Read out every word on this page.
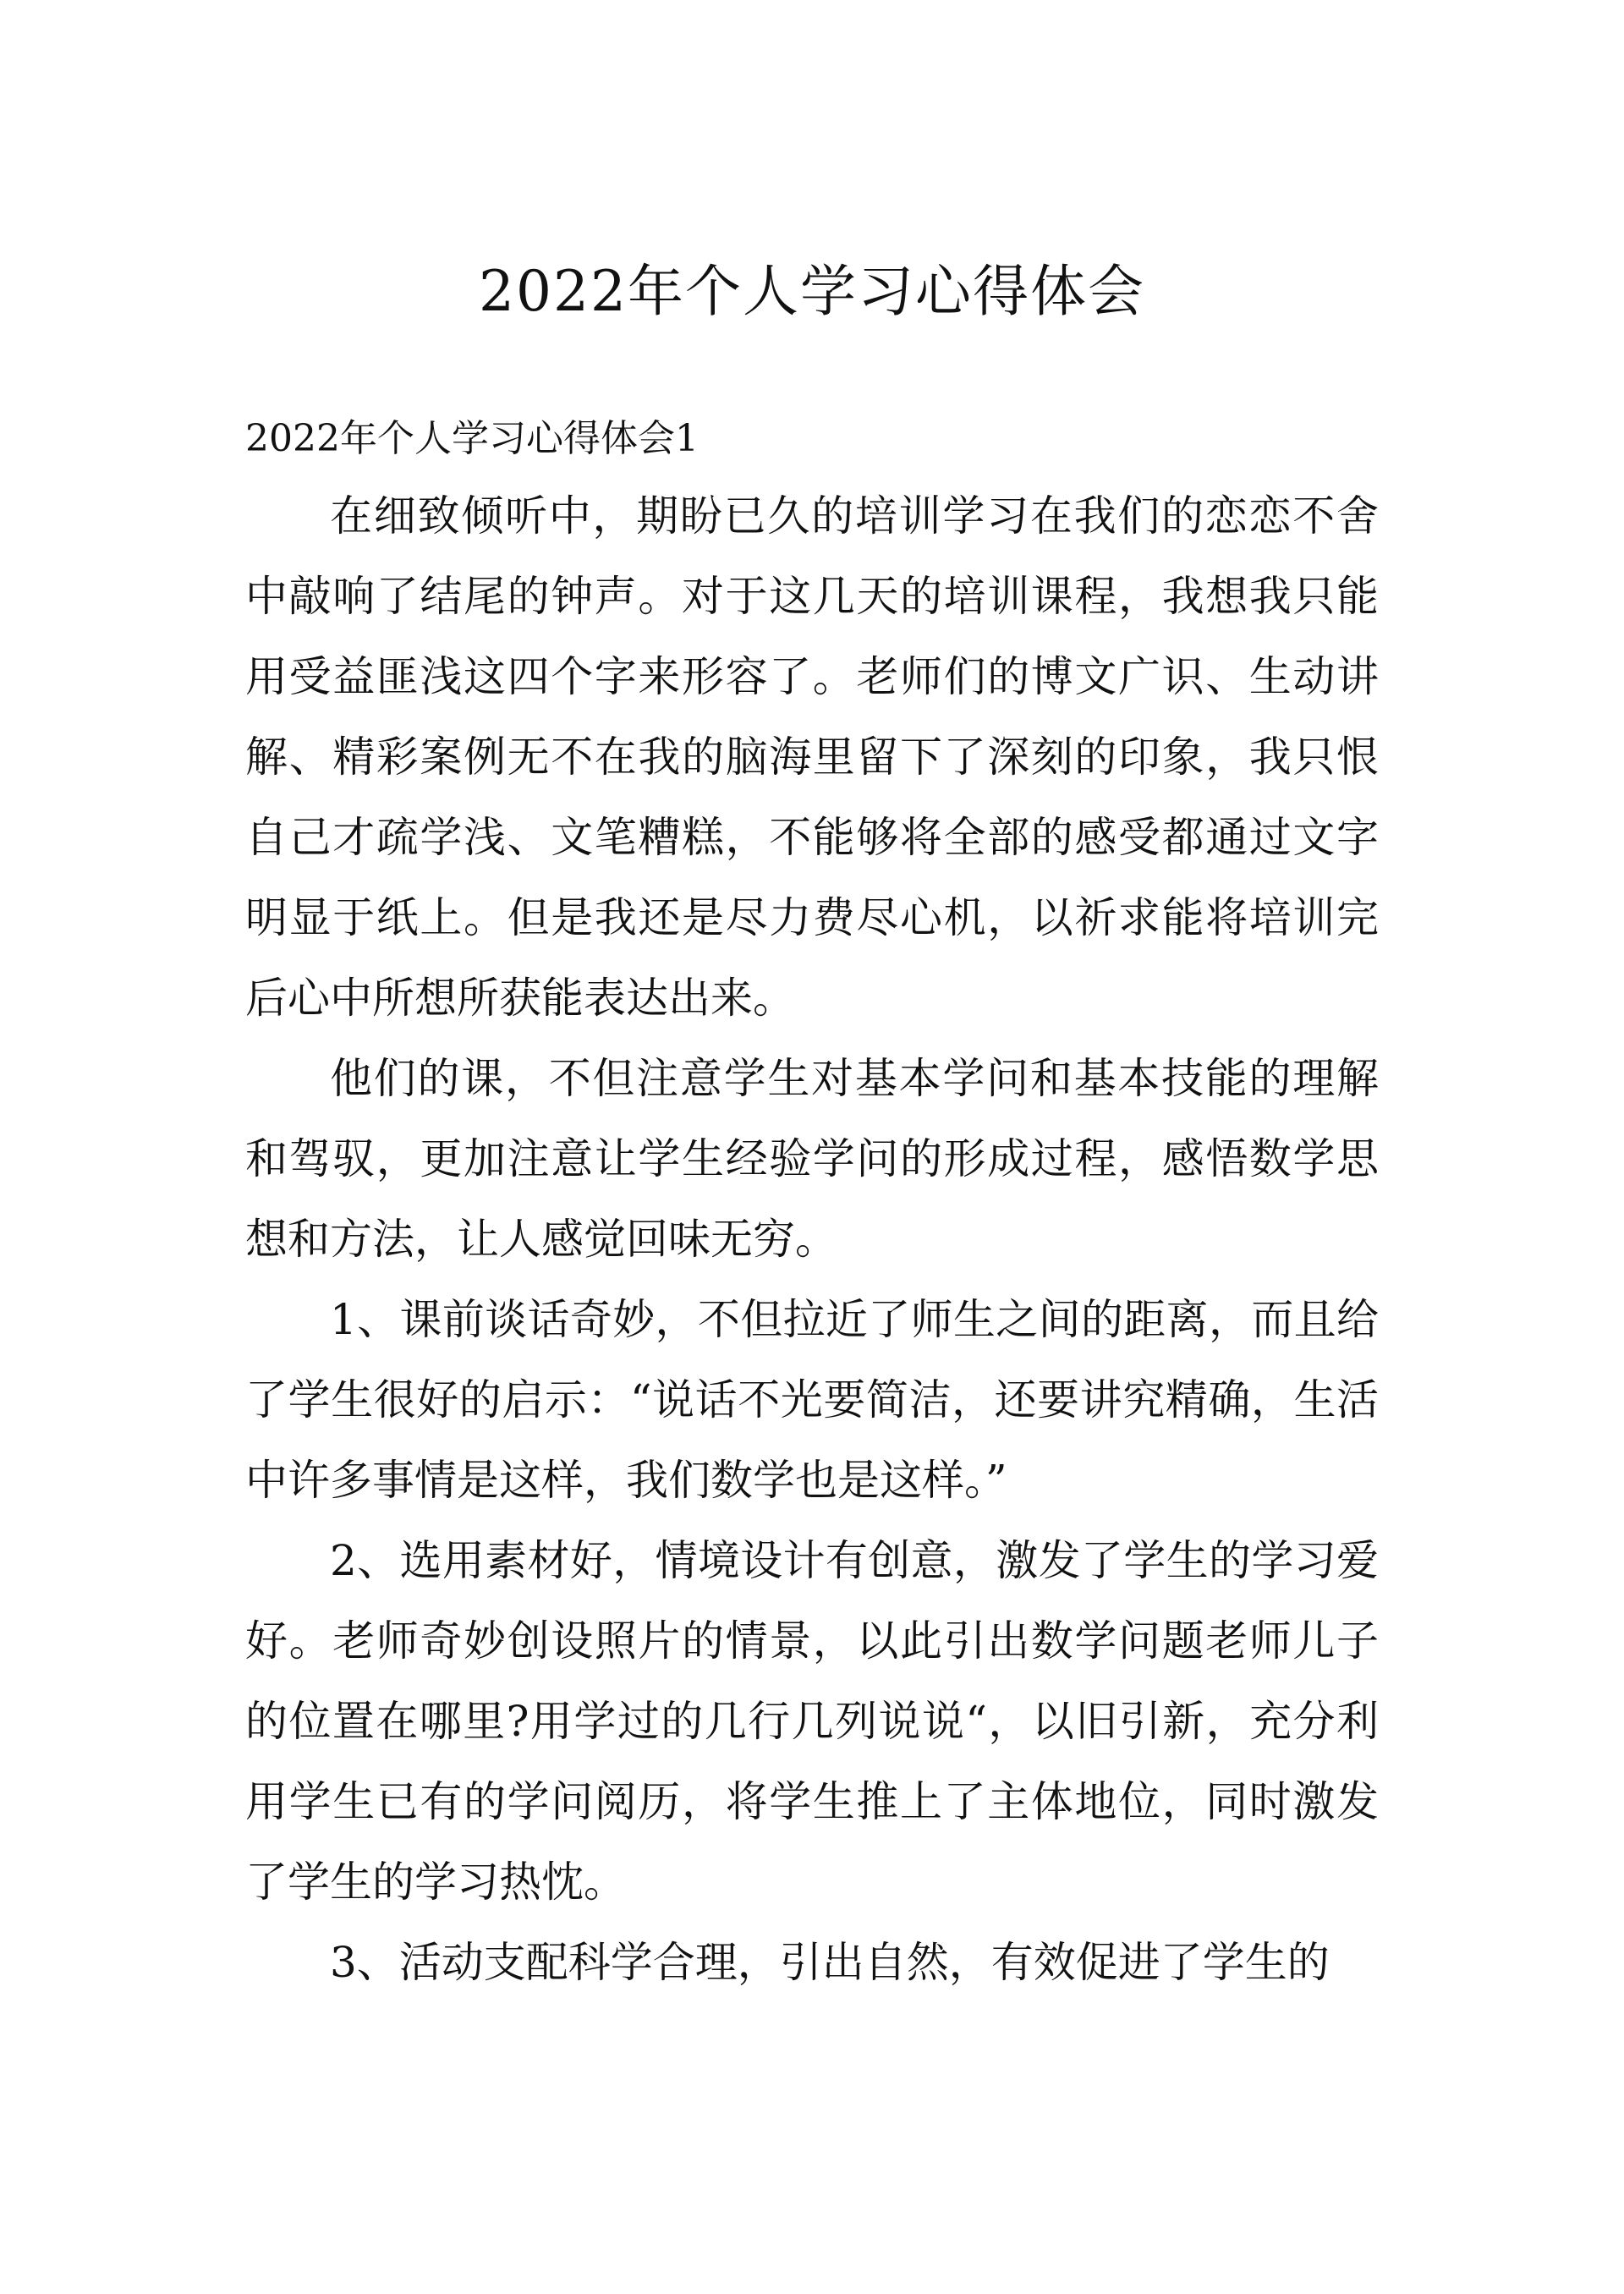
2022年个人学习心得体会

2022年个人学习心得体会1

在细致倾听中，期盼已久的培训学习在我们的恋恋不舍中敲响了结尾的钟声。对于这几天的培训课程，我想我只能用受益匪浅这四个字来形容了。老师们的博文广识、生动讲解、精彩案例无不在我的脑海里留下了深刻的印象，我只恨自己才疏学浅、文笔糟糕，不能够将全部的感受都通过文字明显于纸上。但是我还是尽力费尽心机，以祈求能将培训完后心中所想所获能表达出来。

他们的课，不但注意学生对基本学问和基本技能的理解和驾驭，更加注意让学生经验学问的形成过程，感悟数学思想和方法，让人感觉回味无穷。

1、课前谈话奇妙，不但拉近了师生之间的距离，而且给了学生很好的启示：“说话不光要简洁，还要讲究精确，生活中许多事情是这样，我们数学也是这样。”

2、选用素材好，情境设计有创意，激发了学生的学习爱好。老师奇妙创设照片的情景，以此引出数学问题老师儿子的位置在哪里?用学过的几行几列说说“，以旧引新，充分利用学生已有的学问阅历，将学生推上了主体地位，同时激发了学生的学习热忱。

3、活动支配科学合理，引出自然，有效促进了学生的
